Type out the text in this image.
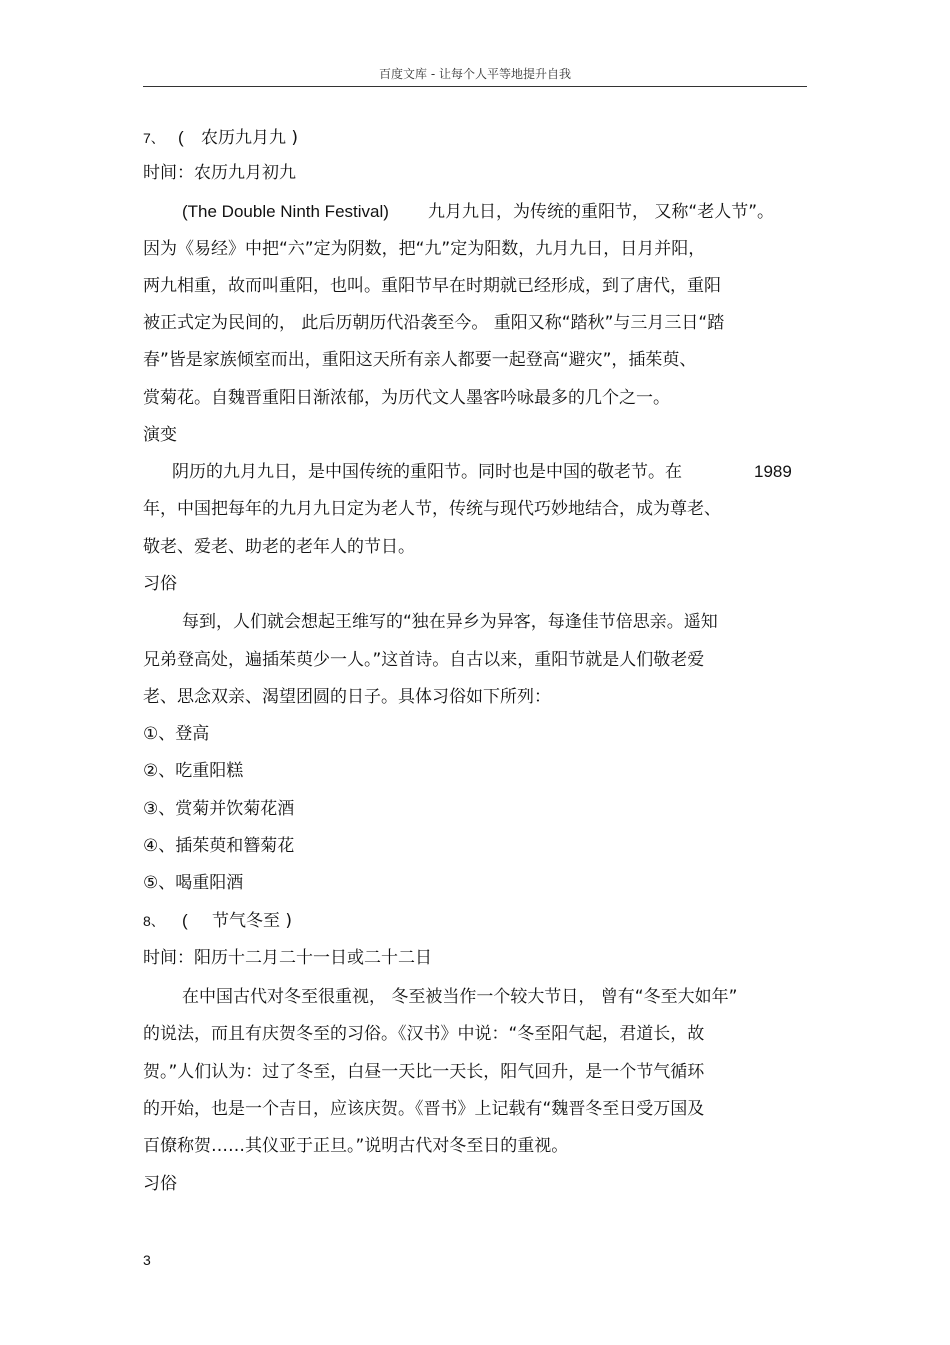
百度文库 - 让每个人平等地提升自我
7、 ( 农历九月九 )
时间：农历九月初九
(The Double Ninth Festival) 九月九日，为传统的重阳节， 又称“老人节”。
因为《易经》中把“六”定为阴数，把“九”定为阳数，九月九日，日月并阳，
两九相重，故而叫重阳，也叫。重阳节早在时期就已经形成，到了唐代，重阳
被正式定为民间的， 此后历朝历代沿袭至今。 重阳又称“踏秋”与三月三日“踏
春”皆是家族倾室而出，重阳这天所有亲人都要一起登高“避灾”，插茱萸、
赏菊花。自魏晋重阳日渐浓郁，为历代文人墨客吟咏最多的几个之一。
演变
阴历的九月九日，是中国传统的重阳节。同时也是中国的敬老节。在	1989
年，中国把每年的九月九日定为老人节，传统与现代巧妙地结合，成为尊老、
敬老、爱老、助老的老年人的节日。
习俗
每到，人们就会想起王维写的“独在异乡为异客，每逢佳节倍思亲。遥知
兄弟登高处，遍插茱萸少一人。”这首诗。自古以来，重阳节就是人们敬老爱
老、思念双亲、渴望团圆的日子。具体习俗如下所列：
①、登高
②、吃重阳糕
③、赏菊并饮菊花酒
④、插茱萸和簪菊花
⑤、喝重阳酒
8、 ( 节气冬至 )
时间：阳历十二月二十一日或二十二日
在中国古代对冬至很重视， 冬至被当作一个较大节日， 曾有“冬至大如年”
的说法，而且有庆贺冬至的习俗。《汉书》中说：“冬至阳气起，君道长，故
贺。”人们认为：过了冬至，白昼一天比一天长，阳气回升，是一个节气循环
的开始，也是一个吉日，应该庆贺。《晋书》上记载有“魏晋冬至日受万国及
百僚称贺……其仪亚于正旦。”说明古代对冬至日的重视。
习俗
3
